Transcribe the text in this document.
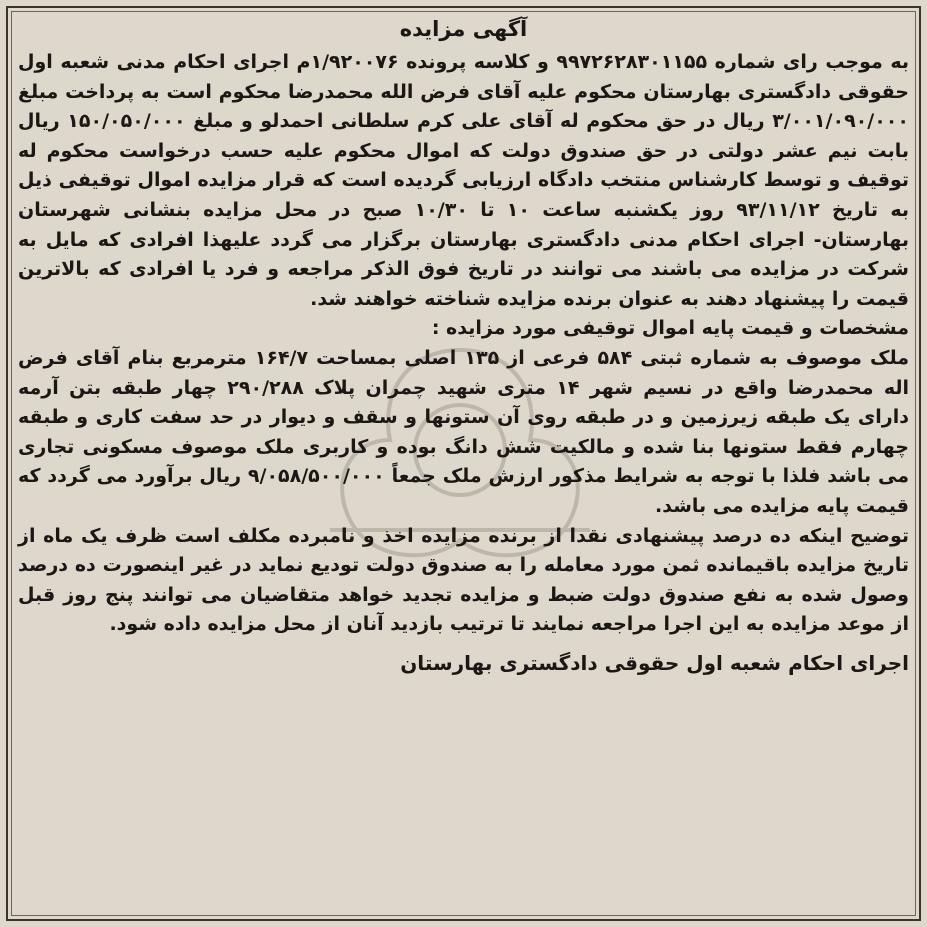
آگهی مزایده

به موجب رای شماره ۹۹۷۲۶۲۸۳۰۱۱۵۵ و کلاسه پرونده ۱/۹۲۰۰۷۶م اجرای احکام مدنی شعبه اول حقوقی دادگستری بهارستان محکوم علیه آقای فرض الله محمدرضا محکوم است به پرداخت مبلغ ۳/۰۰۱/۰۹۰/۰۰۰ ریال در حق محکوم له آقای علی کرم سلطانی احمدلو و مبلغ ۱۵۰/۰۵۰/۰۰۰ ریال بابت نیم عشر دولتی در حق صندوق دولت که اموال محکوم علیه حسب درخواست محکوم له توقیف و توسط کارشناس منتخب دادگاه ارزیابی گردیده است که قرار مزایده اموال توقیفی ذیل به تاریخ ۹۳/۱۱/۱۲ روز یکشنبه ساعت ۱۰ تا ۱۰/۳۰ صبح در محل مزایده بنشانی شهرستان بهارستان- اجرای احکام مدنی دادگستری بهارستان برگزار می گردد علیهذا افرادی که مایل به شرکت در مزایده می باشند می توانند در تاریخ فوق الذکر مراجعه و فرد یا افرادی که بالاترین قیمت را پیشنهاد دهند به عنوان برنده مزایده شناخته خواهند شد.

مشخصات و قیمت پایه اموال توقیفی مورد مزایده :

ملک موصوف به شماره ثبتی ۵۸۴ فرعی از ۱۳۵ اصلی بمساحت ۱۶۴/۷ مترمربع بنام آقای فرض اله محمدرضا واقع در نسیم شهر ۱۴ متری شهید چمران پلاک ۲۹۰/۲۸۸ چهار طبقه بتن آرمه دارای یک طبقه زیرزمین و در طبقه روی آن ستونها و سقف و دیوار در حد سفت کاری و طبقه چهارم فقط ستونها بنا شده و مالکیت شش دانگ بوده و کاربری ملک موصوف مسکونی تجاری می باشد فلذا با توجه به شرایط مذکور ارزش ملک جمعاً ۹/۰۵۸/۵۰۰/۰۰۰ ریال برآورد می گردد که قیمت پایه مزایده می باشد.

توضیح اینکه ده درصد پیشنهادی نقدا از برنده مزایده اخذ و نامبرده مکلف است ظرف یک ماه از تاریخ مزایده باقیمانده ثمن مورد معامله را به صندوق دولت تودیع نماید در غیر اینصورت ده درصد وصول شده به نفع صندوق دولت ضبط و مزایده تجدید خواهد متقاضیان می توانند پنج روز قبل از موعد مزایده به این اجرا مراجعه نمایند تا ترتیب بازدید آنان از محل مزایده داده شود.

اجرای احکام شعبه اول حقوقی دادگستری بهارستان
